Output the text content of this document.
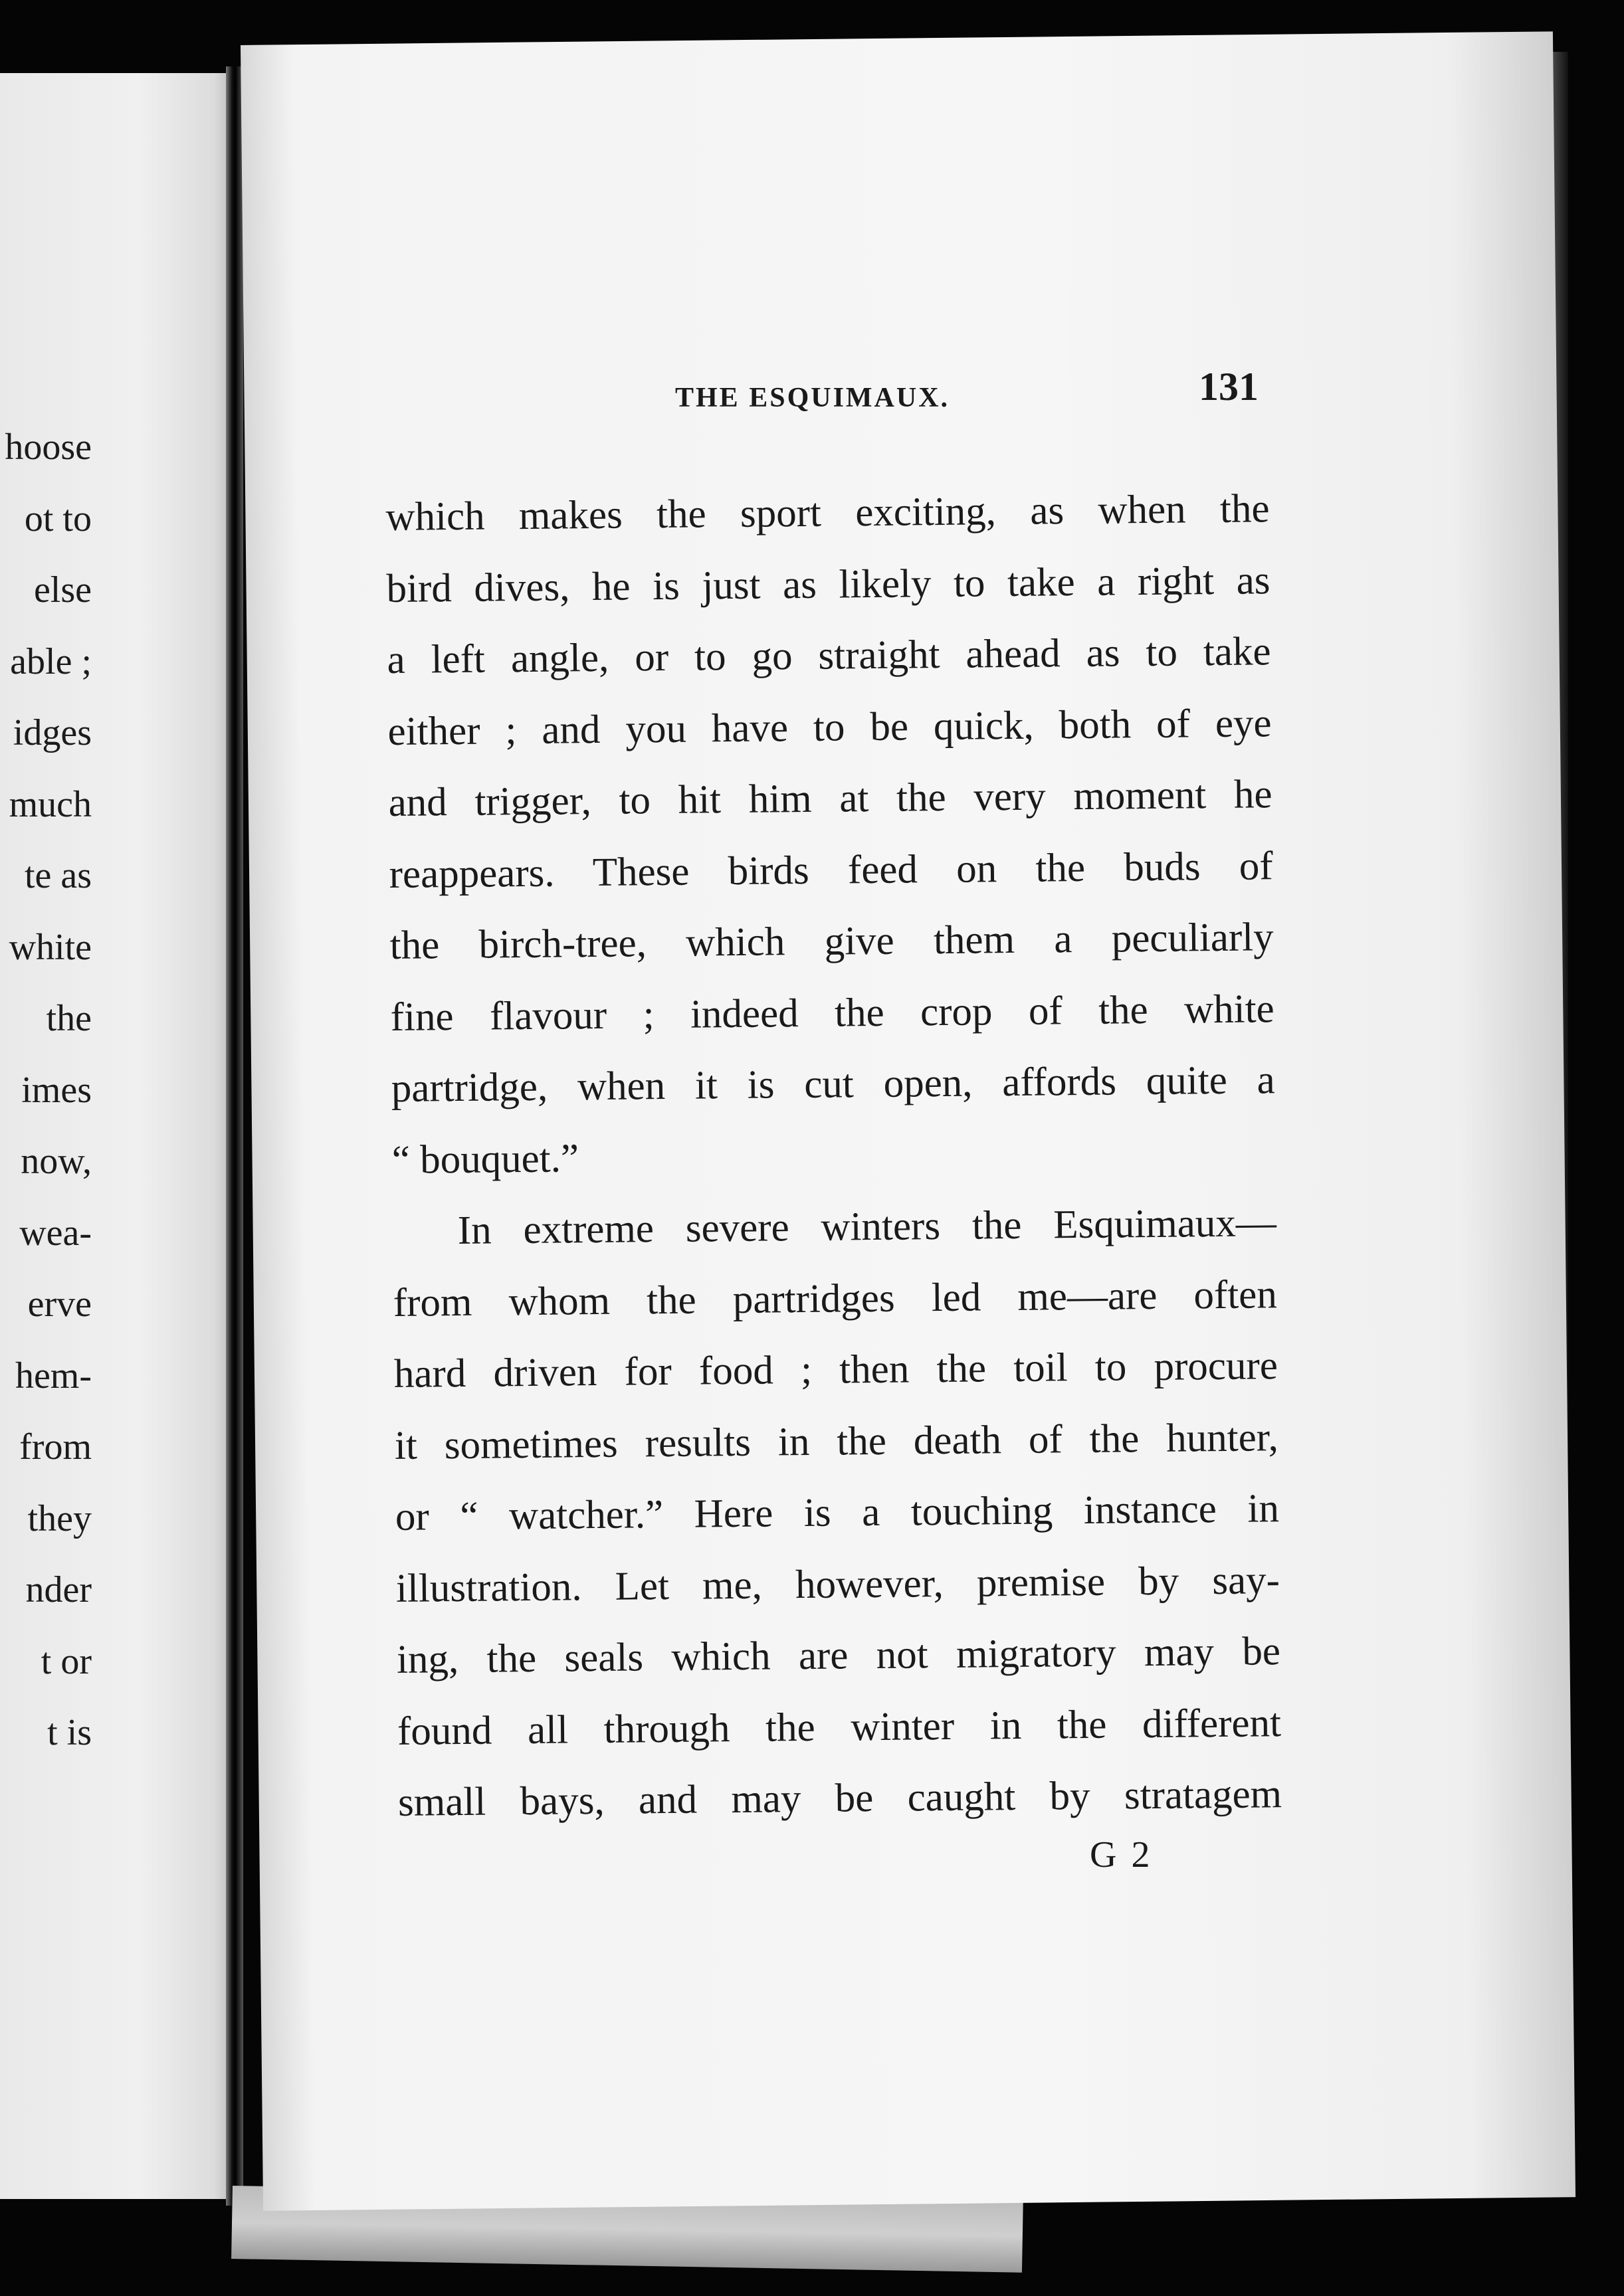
hoose
ot to
else
able ;
idges
much
te as
white
the
imes
now,
wea-
erve
hem-
from
they
nder
t or
t is
THE ESQUIMAUX.	131
which makes the sport exciting, as when the
bird dives, he is just as likely to take a right as
a left angle, or to go straight ahead as to take
either ; and you have to be quick, both of eye
and trigger, to hit him at the very moment he
reappears. These birds feed on the buds of
the birch-tree, which give them a peculiarly
fine flavour ; indeed the crop of the white
partridge, when it is cut open, affords quite a
“ bouquet.”
In extreme severe winters the Esquimaux—
from whom the partridges led me—are often
hard driven for food ; then the toil to procure
it sometimes results in the death of the hunter,
or “ watcher.” Here is a touching instance in
illustration. Let me, however, premise by say-
ing, the seals which are not migratory may be
found all through the winter in the different
small bays, and may be caught by stratagem
G 2
